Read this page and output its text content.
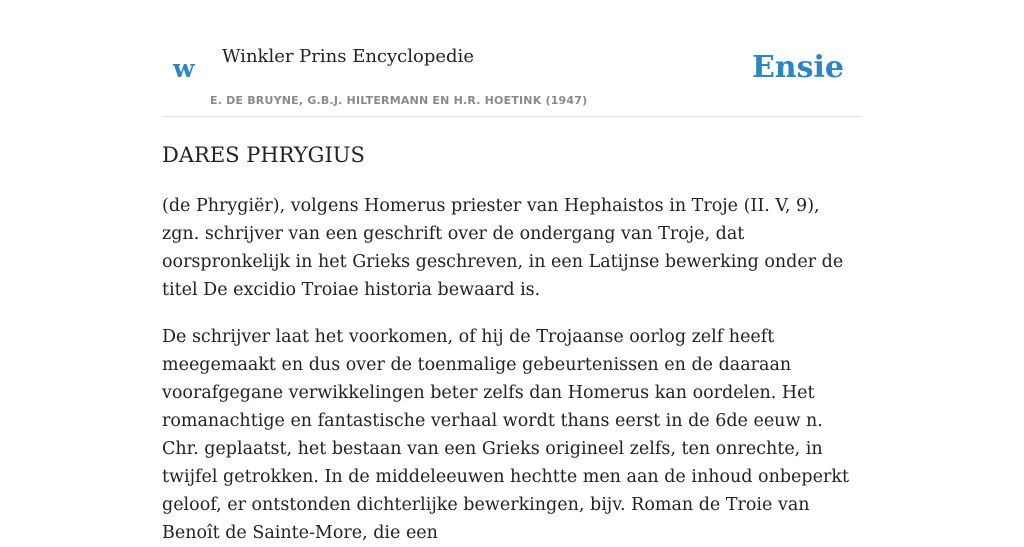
w Winkler Prins Encyclopedie
E. DE BRUYNE, G.B.J. HILTERMANN EN H.R. HOETINK (1947)
Ensie
DARES PHRYGIUS

(de Phrygiër), volgens Homerus priester van Hephaistos in Troje (II. V, 9), zgn. schrijver van een geschrift over de ondergang van Troje, dat oorspronkelijk in het Grieks geschreven, in een Latijnse bewerking onder de titel De excidio Troiae historia bewaard is.

De schrijver laat het voorkomen, of hij de Trojaanse oorlog zelf heeft meegemaakt en dus over de toenmalige gebeurtenissen en de daaraan voorafgegane verwikkelingen beter zelfs dan Homerus kan oordelen. Het romanachtige en fantastische verhaal wordt thans eerst in de 6de eeuw n. Chr. geplaatst, het bestaan van een Grieks origineel zelfs, ten onrechte, in twijfel getrokken. In de middeleeuwen hechtte men aan de inhoud onbeperkt geloof, er ontstonden dichterlijke bewerkingen, bijv. Roman de Troie van Benoît de Sainte-More, die een
